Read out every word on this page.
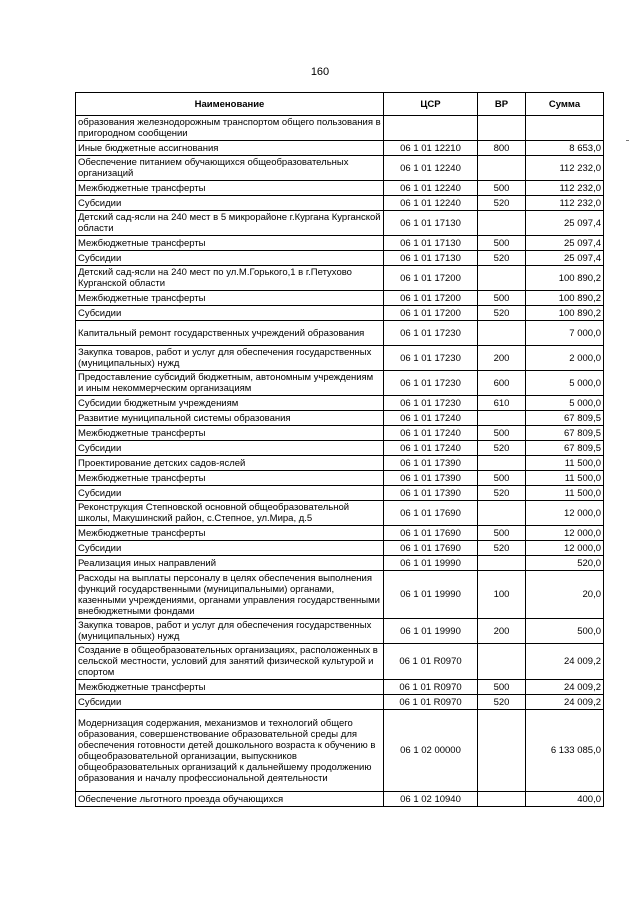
160
Наименование	ЦСР	ВР	Сумма
образования железнодорожным транспортом общего пользования в пригородном сообщении			
Иные бюджетные ассигнования	06 1 01 12210	800	8 653,0
Обеспечение питанием обучающихся общеобразовательных организаций	06 1 01 12240		112 232,0
Межбюджетные трансферты	06 1 01 12240	500	112 232,0
Субсидии	06 1 01 12240	520	112 232,0
Детский сад-ясли на 240 мест в 5 микрорайоне г.Кургана Курганской области	06 1 01 17130		25 097,4
Межбюджетные трансферты	06 1 01 17130	500	25 097,4
Субсидии	06 1 01 17130	520	25 097,4
Детский сад-ясли на 240 мест по ул.М.Горького,1 в г.Петухово Курганской области	06 1 01 17200		100 890,2
Межбюджетные трансферты	06 1 01 17200	500	100 890,2
Субсидии	06 1 01 17200	520	100 890,2
Капитальный ремонт государственных учреждений образования	06 1 01 17230		7 000,0
Закупка товаров, работ и услуг для обеспечения государственных (муниципальных) нужд	06 1 01 17230	200	2 000,0
Предоставление субсидий бюджетным, автономным учреждениям и иным некоммерческим организациям	06 1 01 17230	600	5 000,0
Субсидии бюджетным учреждениям	06 1 01 17230	610	5 000,0
Развитие муниципальной системы образования	06 1 01 17240		67 809,5
Межбюджетные трансферты	06 1 01 17240	500	67 809,5
Субсидии	06 1 01 17240	520	67 809,5
Проектирование детских садов-яслей	06 1 01 17390		11 500,0
Межбюджетные трансферты	06 1 01 17390	500	11 500,0
Субсидии	06 1 01 17390	520	11 500,0
Реконструкция Степновской основной общеобразовательной школы, Макушинский район, с.Степное, ул.Мира, д.5	06 1 01 17690		12 000,0
Межбюджетные трансферты	06 1 01 17690	500	12 000,0
Субсидии	06 1 01 17690	520	12 000,0
Реализация иных направлений	06 1 01 19990		520,0
Расходы на выплаты персоналу в целях обеспечения выполнения функций государственными (муниципальными) органами, казенными учреждениями, органами управления государственными внебюджетными фондами	06 1 01 19990	100	20,0
Закупка товаров, работ и услуг для обеспечения государственных (муниципальных) нужд	06 1 01 19990	200	500,0
Создание в общеобразовательных организациях, расположенных в сельской местности, условий для занятий физической культурой и спортом	06 1 01 R0970		24 009,2
Межбюджетные трансферты	06 1 01 R0970	500	24 009,2
Субсидии	06 1 01 R0970	520	24 009,2
Модернизация содержания, механизмов и технологий общего образования, совершенствование образовательной среды для обеспечения готовности детей дошкольного возраста к обучению в общеобразовательной организации, выпускников общеобразовательных организаций к дальнейшему продолжению образования и началу профессиональной деятельности	06 1 02 00000		6 133 085,0
Обеспечение льготного проезда обучающихся	06 1 02 10940		400,0
